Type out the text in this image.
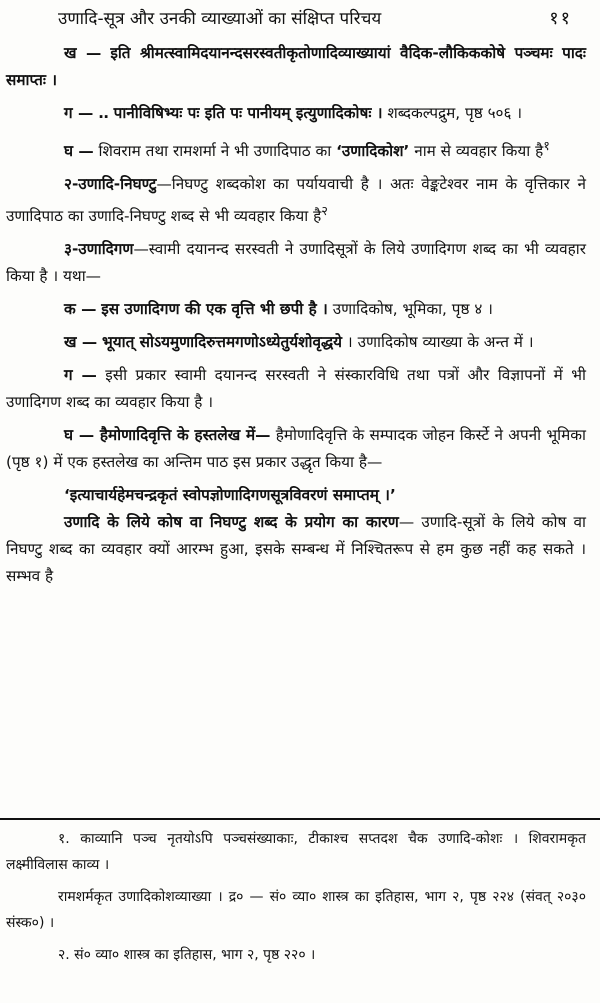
उणादि-सूत्र और उनकी व्याख्याओं का संक्षिप्त परिचय	११

ख — इति श्रीमत्स्वामिदयानन्दसरस्वतीकृतोणादिव्याख्यायां वैदिक-लौकिककोषे पञ्चमः पादः समाप्तः ।

ग — ‥ पानीविषिभ्यः पः इति पः पानीयम् इत्युणादिकोषः । शब्दकल्पद्रुम, पृष्ठ ५०६ ।

घ — शिवराम तथा रामशर्मा ने भी उणादिपाठ का ‘उणादिकोश’ नाम से व्यवहार किया है$^१$

२-उणादि-निघण्टु—निघण्टु शब्दकोश का पर्यायवाची है । अतः वेङ्कटेश्वर नाम के वृत्तिकार ने उणादिपाठ का उणादि-निघण्टु शब्द से भी व्यवहार किया है$^२$

३-उणादिगण—स्वामी दयानन्द सरस्वती ने उणादिसूत्रों के लिये उणादिगण शब्द का भी व्यवहार किया है । यथा—

क — इस उणादिगण की एक वृत्ति भी छपी है । उणादिकोष, भूमिका, पृष्ठ ४ ।

ख — भूयात् सोऽयमुणादिरुत्तमगणोऽध्येतुर्यशोवृद्धये । उणादिकोष व्याख्या के अन्त में ।

ग — इसी प्रकार स्वामी दयानन्द सरस्वती ने संस्कारविधि तथा पत्रों और विज्ञापनों में भी उणादिगण शब्द का व्यवहार किया है ।

घ — हैमोणादिवृत्ति के हस्तलेख में— हैमोणादिवृत्ति के सम्पादक जोहन किर्स्टे ने अपनी भूमिका (पृष्ठ १) में एक हस्तलेख का अन्तिम पाठ इस प्रकार उद्धृत किया है—

‘इत्याचार्यहेमचन्द्रकृतं स्वोपज्ञोणादिगणसूत्रविवरणं समाप्तम् ।’

उणादि के लिये कोष वा निघण्टु शब्द के प्रयोग का कारण— उणादि-सूत्रों के लिये कोष वा निघण्टु शब्द का व्यवहार क्यों आरम्भ हुआ, इसके सम्बन्ध में निश्चितरूप से हम कुछ नहीं कह सकते । सम्भव है

१. काव्यानि पञ्च नृतयोऽपि पञ्चसंख्याकाः, टीकाश्च सप्तदश चैक उणादि-कोशः । शिवरामकृत लक्ष्मीविलास काव्य ।

रामशर्मकृत उणादिकोशव्याख्या । द्र० — सं० व्या० शास्त्र का इतिहास, भाग २, पृष्ठ २२४ (संवत् २०३० संस्क०) ।

२. सं० व्या० शास्त्र का इतिहास, भाग २, पृष्ठ २२० ।
